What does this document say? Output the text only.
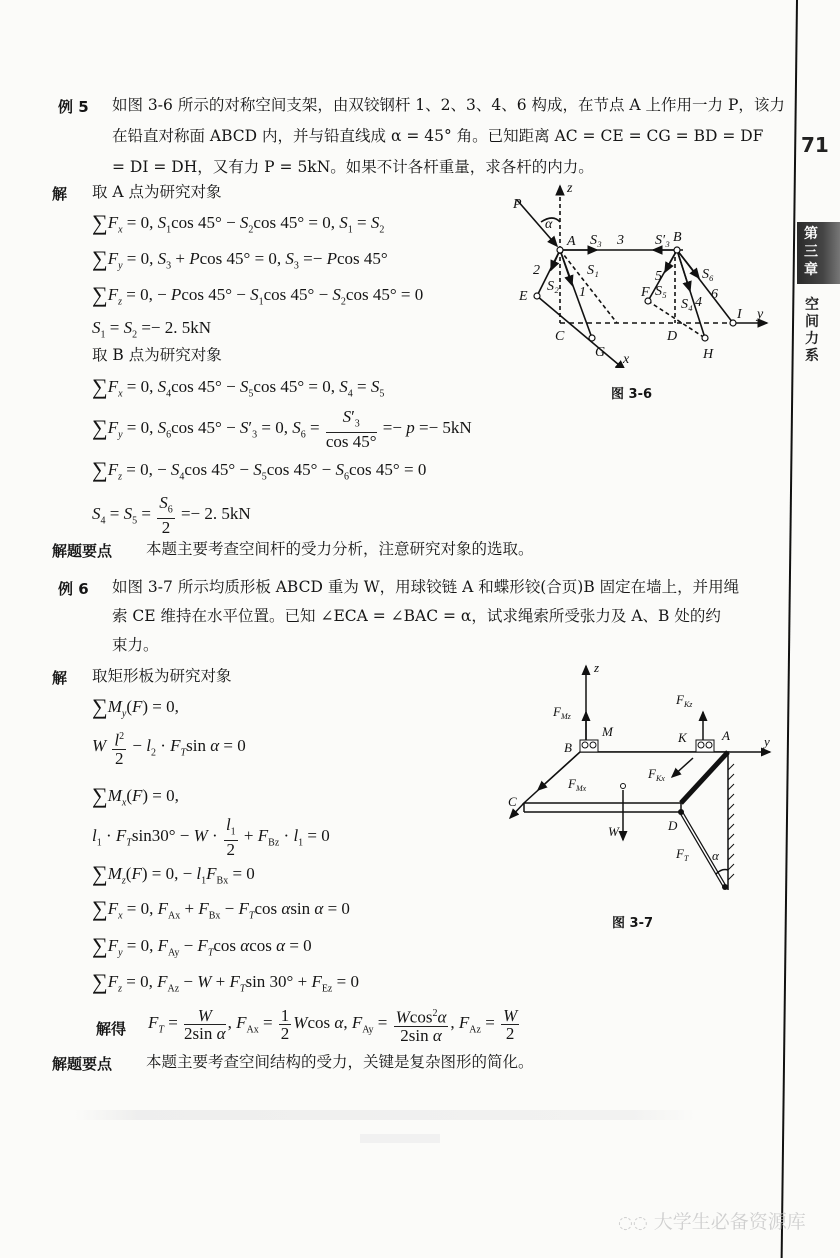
71
第三章
空间力系
例 5 如图 3-6 所示的对称空间支架，由双铰钢杆 1、2、3、4、6 构成，在节点 A 上作用一力 P，该力
在铅直对称面 ABCD 内，并与铅直线成 α = 45° 角。已知距离 AC = CE = CG = BD = DF
= DI = DH，又有力 P = 5kN。如果不计各杆重量，求各杆的内力。
解 取 A 点为研究对象
$\sum F_x = 0$, $S_1\cos$ $45^\circ - S_2\cos$ 45° = 0, $S_1 = S_2$
$\sum F_y = 0$, $S_3 + Pcos$ 45° = 0, $S_3 =- Pcos$ 45°
$\sum F_z = 0$, − Pcos $45^\circ - S_1\cos$ $45^\circ - S_2\cos$ 45° = 0
$S_1 = S_2 =- 2$. 5kN
取 B 点为研究对象
$\sum F_x = 0$, $S_4\cos$ $45^\circ - S_5\cos$ 45° = 0, $S_4 = S_5$
$\sum F_y = 0$, $S_6\cos$ $45^\circ - S'_3 = 0$, $S_6 = \frac{S'_3}{\cos 45^\circ} =- p =- 5kN$
$\sum F_z = 0$, − $S_4\cos$ $45^\circ - S_5\cos$ $45^\circ - S_6\cos$ 45° = 0
$S_4 = S_5 = \frac{S_6}{2} =- 2$. 5kN
解题要点 本题主要考查空间杆的受力分析，注意研究对象的选取。
P
α
z
A S₃ 3 S′₃ B
2	S₁	5	S₆
E
S₂ 1	F S₅
S₄ 4
6
C	D
I y
G	H
x
图 3-6
例 6 如图 3-7 所示均质形板 ABCD 重为 W，用球铰链 A 和蝶形铰(合页)B 固定在墙上，并用绳
索 CE 维持在水平位置。已知 ∠ECA = ∠BAC = α，试求绳索所受张力及 A、B 处的约
束力。
解 取矩形板为研究对象
$\sum M_y(F) = 0$,
W $\frac{l^2}{2} - l_2 \cdot F_T\sin$ α = 0
$\sum M_x(F) = 0$,
$l_1 \cdot F_T\sin 30^\circ - W \cdot \frac{l_1}{2} + F_{Bz} \cdot l_1 = 0$
$\sum M_z(F) = 0$, − $l_1F_{Bx} = 0$
$\sum F_x = 0$, $F_{Ax} + F_{Bx} - F_T\cos$ αsin α = 0
$\sum F_y = 0$, $F_{Ay} - F_T\cos$ αcos α = 0
$\sum F_z = 0$, $F_{Az} - W + F_T\sin$ $30^\circ + F_{Ez} = 0$
解得 $F_T = \frac{W}{\text{2sin α}}$ , $F_{Ax} = \frac{1}{2}$ Wcos α, $F_{Ay} = \frac{Wcos^2\alpha}{\text{2sin α}}$ , $F_{Az} = \frac{W}{2}$
解题要点 本题主要考查空间结构的受力，关键是复杂图形的简化。
z
$F_{Mz}$
$F_{Kz}$
M	K	A	y
B
$F_{Kx}$
$F_{Mx}$
C
W	D
$F_T$ α
图 3-7
◌◌ 大学生必备资源库
